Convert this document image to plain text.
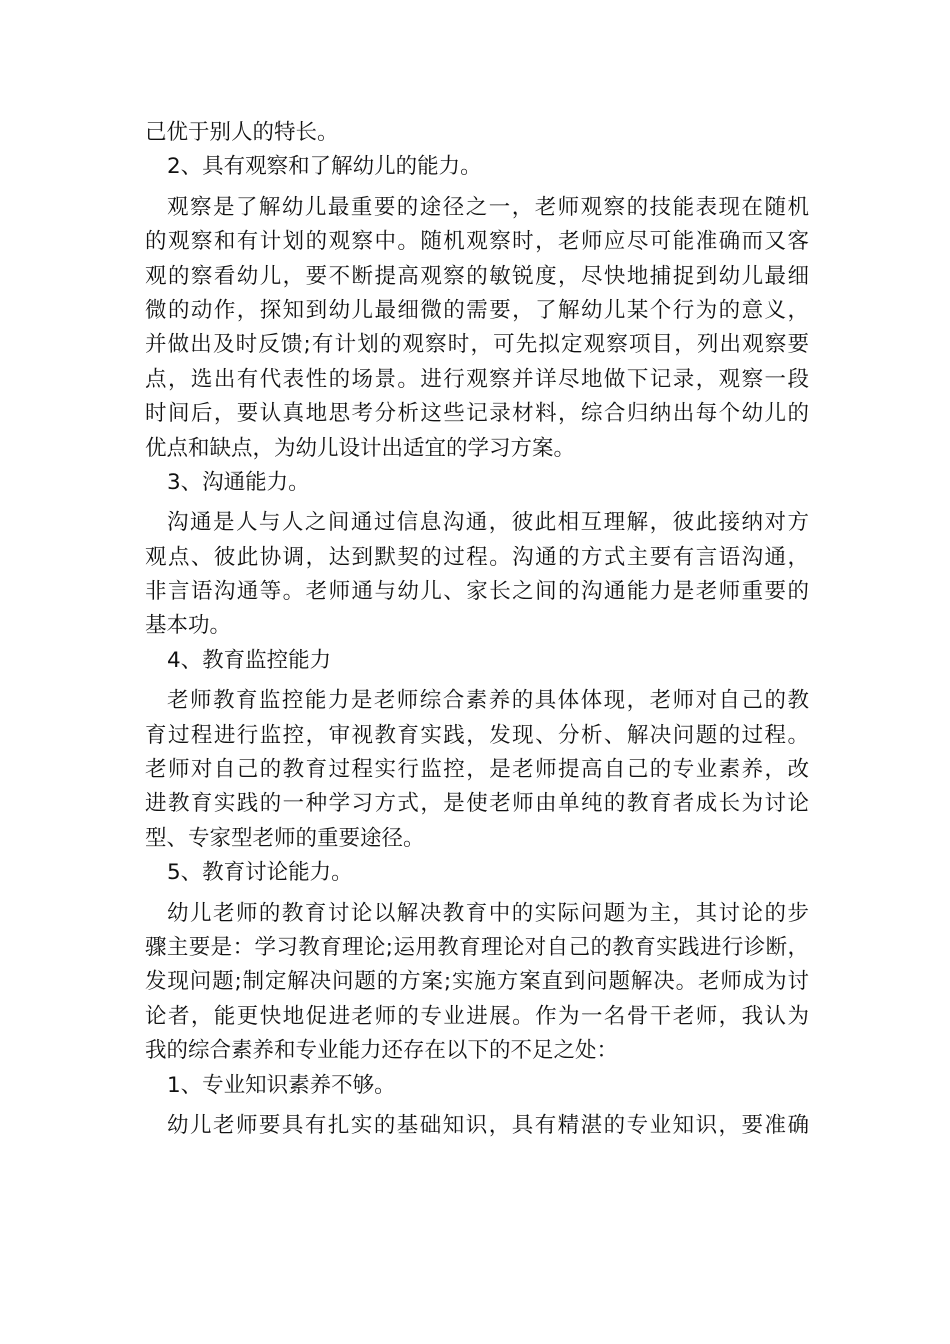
己优于别人的特长。
2、具有观察和了解幼儿的能力。
观察是了解幼儿最重要的途径之一，老师观察的技能表现在随机
的观察和有计划的观察中。随机观察时，老师应尽可能准确而又客
观的察看幼儿，要不断提高观察的敏锐度，尽快地捕捉到幼儿最细
微的动作，探知到幼儿最细微的需要，了解幼儿某个行为的意义，
并做出及时反馈;有计划的观察时，可先拟定观察项目，列出观察要
点，选出有代表性的场景。进行观察并详尽地做下记录，观察一段
时间后，要认真地思考分析这些记录材料，综合归纳出每个幼儿的
优点和缺点，为幼儿设计出适宜的学习方案。
3、沟通能力。
沟通是人与人之间通过信息沟通，彼此相互理解，彼此接纳对方
观点、彼此协调，达到默契的过程。沟通的方式主要有言语沟通，
非言语沟通等。老师通与幼儿、家长之间的沟通能力是老师重要的
基本功。
4、教育监控能力
老师教育监控能力是老师综合素养的具体体现，老师对自己的教
育过程进行监控，审视教育实践，发现、分析、解决问题的过程。
老师对自己的教育过程实行监控，是老师提高自己的专业素养，改
进教育实践的一种学习方式，是使老师由单纯的教育者成长为讨论
型、专家型老师的重要途径。
5、教育讨论能力。
幼儿老师的教育讨论以解决教育中的实际问题为主，其讨论的步
骤主要是：学习教育理论;运用教育理论对自己的教育实践进行诊断，
发现问题;制定解决问题的方案;实施方案直到问题解决。老师成为讨
论者，能更快地促进老师的专业进展。作为一名骨干老师，我认为
我的综合素养和专业能力还存在以下的不足之处：
1、专业知识素养不够。
幼儿老师要具有扎实的基础知识，具有精湛的专业知识，要准确
